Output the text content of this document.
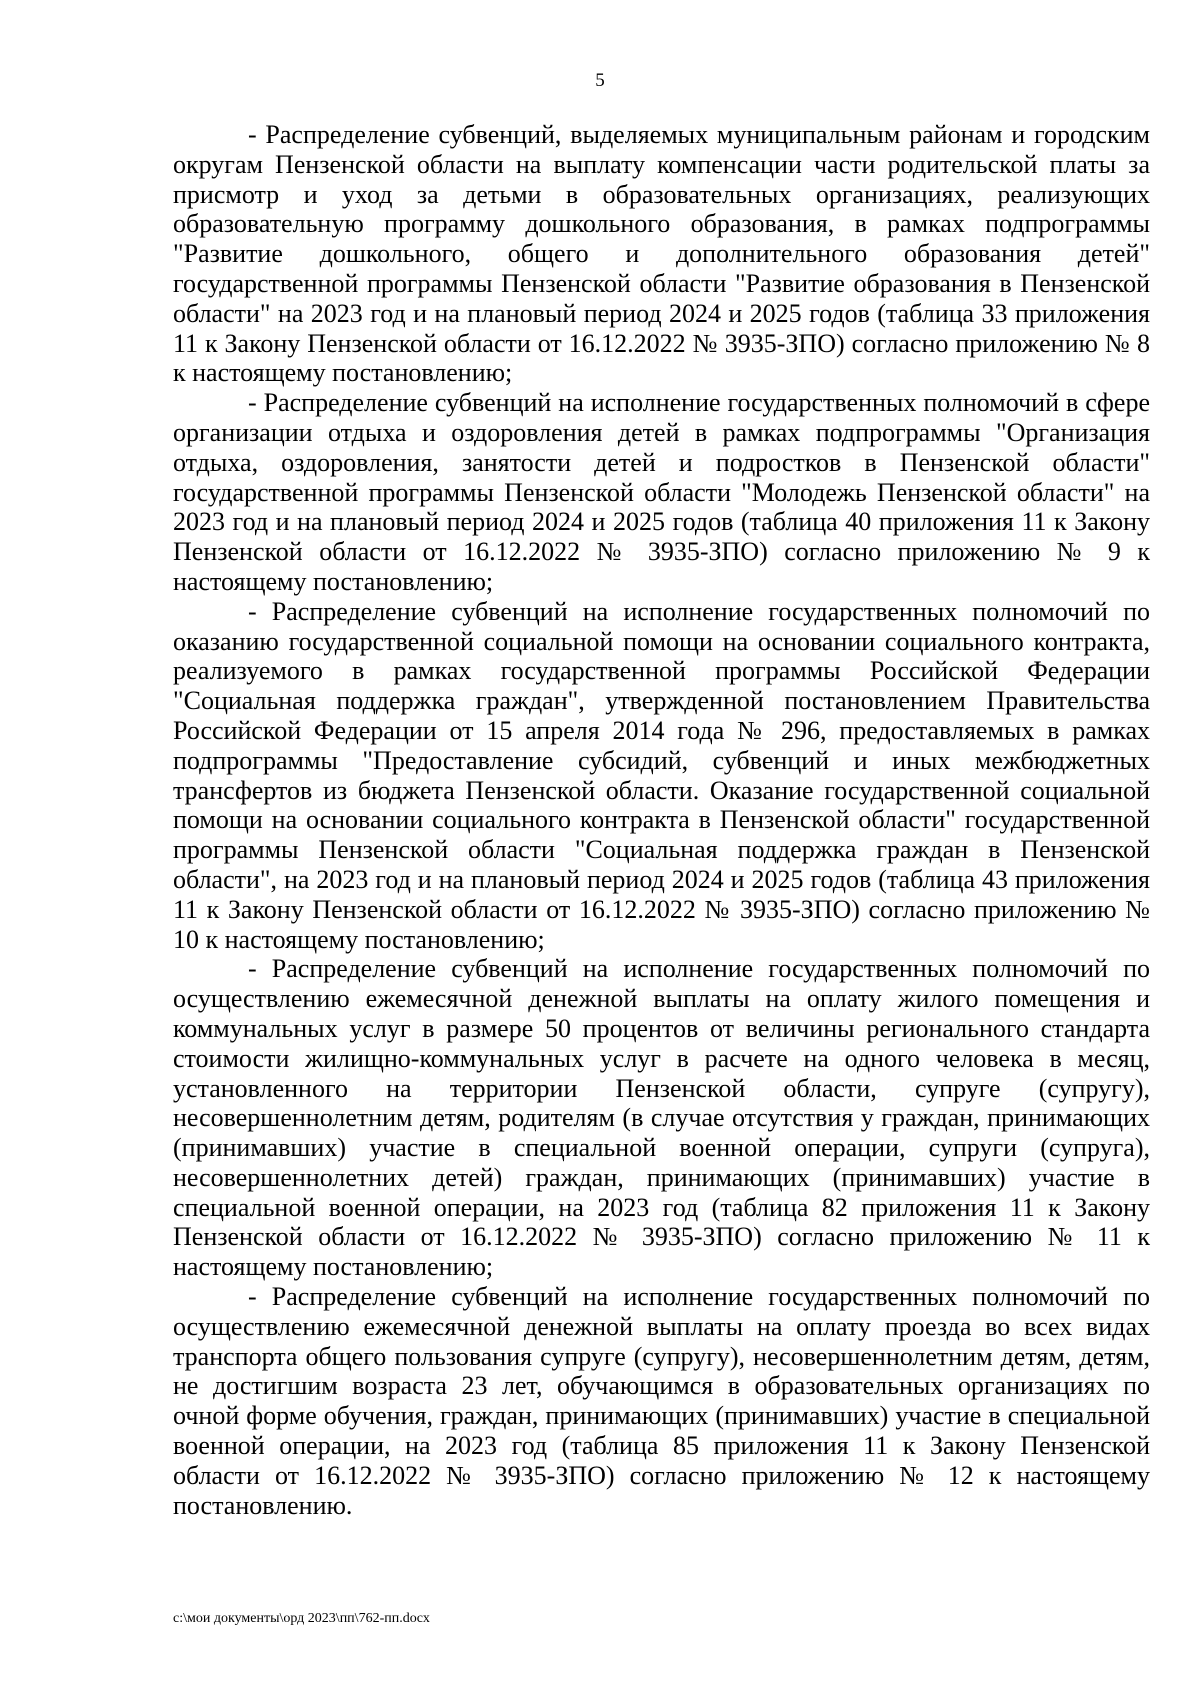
5

- Распределение субвенций, выделяемых муниципальным районам и городским округам Пензенской области на выплату компенсации части родительской платы за присмотр и уход за детьми в образовательных организациях, реализующих образовательную программу дошкольного образования, в рамках подпрограммы "Развитие дошкольного, общего и дополнительного образования детей" государственной программы Пензенской области "Развитие образования в Пензенской области" на 2023 год и на плановый период 2024 и 2025 годов (таблица 33 приложения 11 к Закону Пензенской области от 16.12.2022 № 3935-ЗПО) согласно приложению № 8 к настоящему постановлению;

- Распределение субвенций на исполнение государственных полномочий в сфере организации отдыха и оздоровления детей в рамках подпрограммы "Организация отдыха, оздоровления, занятости детей и подростков в Пензенской области" государственной программы Пензенской области "Молодежь Пензенской области" на 2023 год и на плановый период 2024 и 2025 годов (таблица 40 приложения 11 к Закону Пензенской области от 16.12.2022 № 3935-ЗПО) согласно приложению № 9 к настоящему постановлению;

- Распределение субвенций на исполнение государственных полномочий по оказанию государственной социальной помощи на основании социального контракта, реализуемого в рамках государственной программы Российской Федерации "Социальная поддержка граждан", утвержденной постановлением Правительства Российской Федерации от 15 апреля 2014 года № 296, предоставляемых в рамках подпрограммы "Предоставление субсидий, субвенций и иных межбюджетных трансфертов из бюджета Пензенской области. Оказание государственной социальной помощи на основании социального контракта в Пензенской области" государственной программы Пензенской области "Социальная поддержка граждан в Пензенской области", на 2023 год и на плановый период 2024 и 2025 годов (таблица 43 приложения 11 к Закону Пензенской области от 16.12.2022 № 3935-ЗПО) согласно приложению № 10 к настоящему постановлению;

- Распределение субвенций на исполнение государственных полномочий по осуществлению ежемесячной денежной выплаты на оплату жилого помещения и коммунальных услуг в размере 50 процентов от величины регионального стандарта стоимости жилищно-коммунальных услуг в расчете на одного человека в месяц, установленного на территории Пензенской области, супруге (супругу), несовершеннолетним детям, родителям (в случае отсутствия у граждан, принимающих (принимавших) участие в специальной военной операции, супруги (супруга), несовершеннолетних детей) граждан, принимающих (принимавших) участие в специальной военной операции, на 2023 год (таблица 82 приложения 11 к Закону Пензенской области от 16.12.2022 № 3935-ЗПО) согласно приложению № 11 к настоящему постановлению;

- Распределение субвенций на исполнение государственных полномочий по осуществлению ежемесячной денежной выплаты на оплату проезда во всех видах транспорта общего пользования супруге (супругу), несовершеннолетним детям, детям, не достигшим возраста 23 лет, обучающимся в образовательных организациях по очной форме обучения, граждан, принимающих (принимавших) участие в специальной военной операции, на 2023 год (таблица 85 приложения 11 к Закону Пензенской области от 16.12.2022 № 3935-ЗПО) согласно приложению № 12 к настоящему постановлению.

c:\мои документы\орд 2023\пп\762-пп.docx
